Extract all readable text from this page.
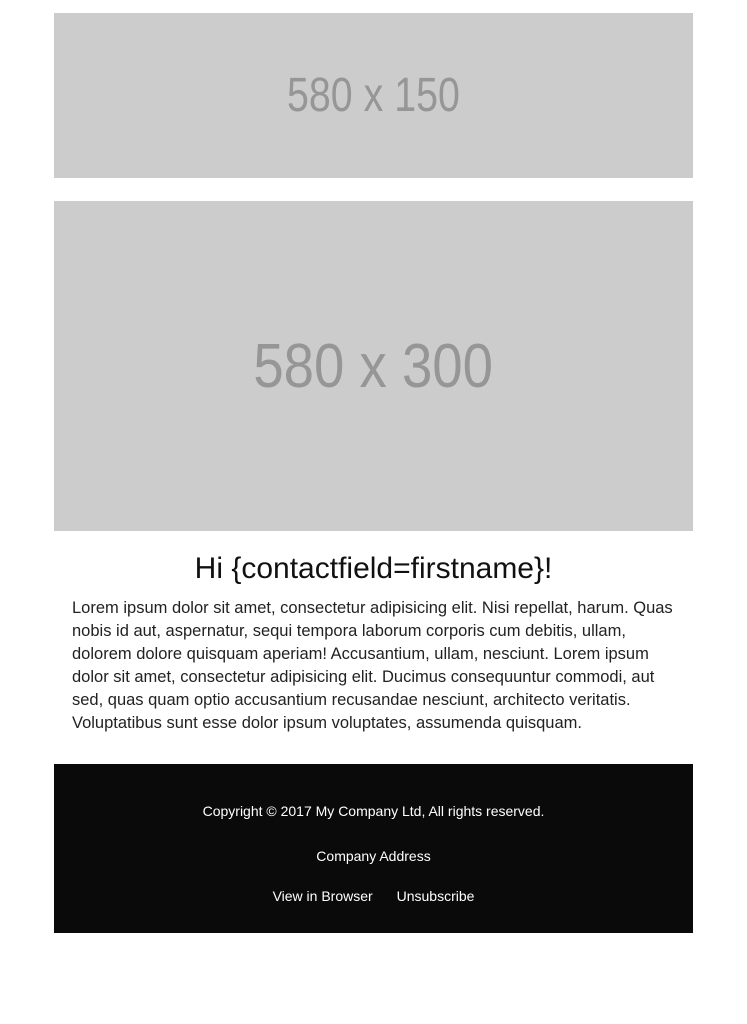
580 x 150
580 x 300
Hi {contactfield=firstname}!

Lorem ipsum dolor sit amet, consectetur adipisicing elit. Nisi repellat, harum. Quas nobis id aut, aspernatur, sequi tempora laborum corporis cum debitis, ullam, dolorem dolore quisquam aperiam! Accusantium, ullam, nesciunt. Lorem ipsum dolor sit amet, consectetur adipisicing elit. Ducimus consequuntur commodi, aut sed, quas quam optio accusantium recusandae nesciunt, architecto veritatis. Voluptatibus sunt esse dolor ipsum voluptates, assumenda quisquam.

Copyright © 2017 My Company Ltd, All rights reserved.
Company Address
View in Browser Unsubscribe
